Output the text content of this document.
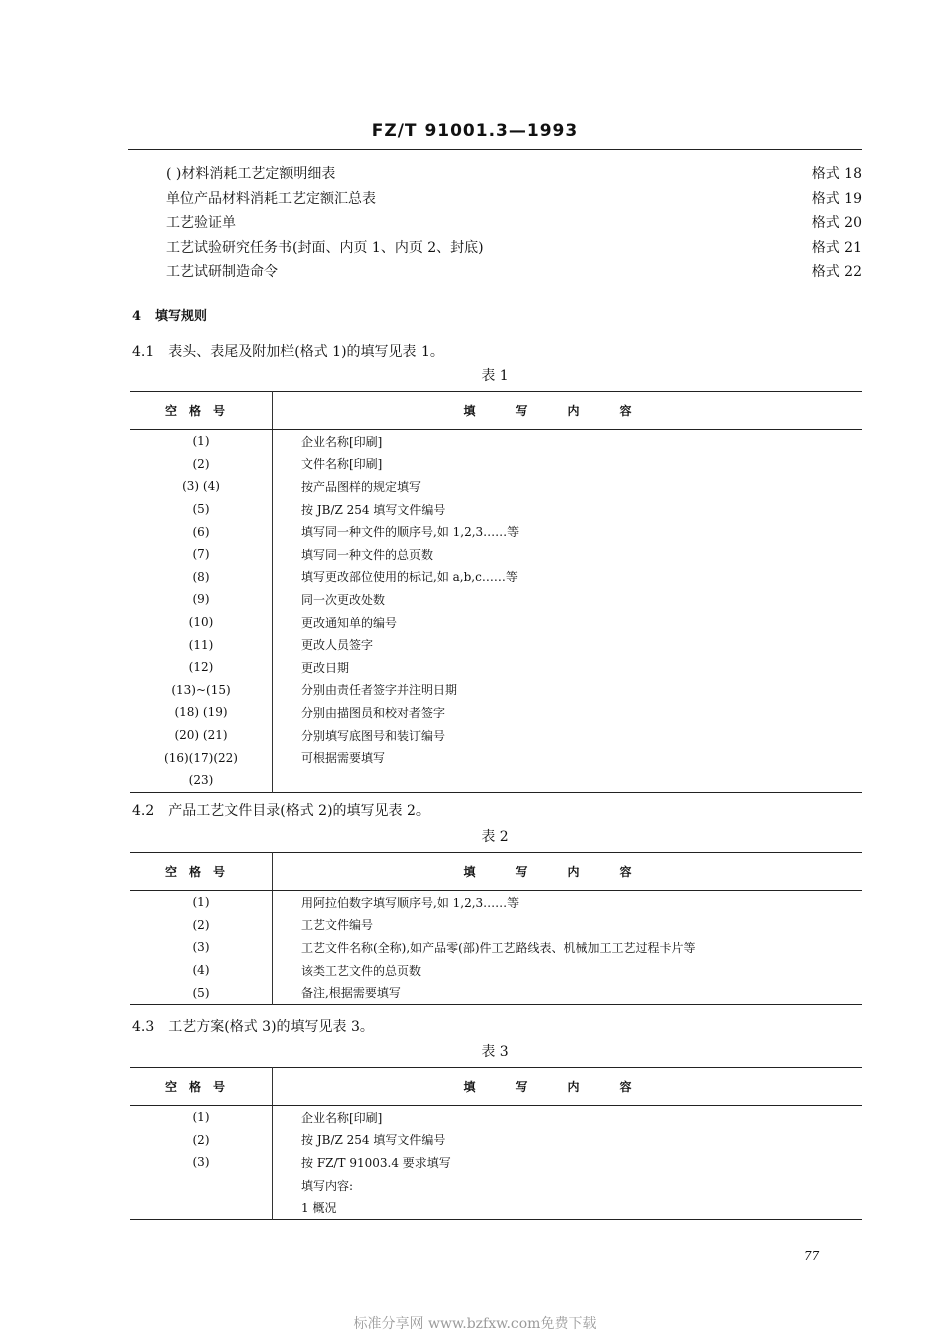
FZ/T 91001.3—1993
( )材料消耗工艺定额明细表	格式 18
单位产品材料消耗工艺定额汇总表	格式 19
工艺验证单	格式 20
工艺试验研究任务书(封面、内页 1、内页 2、封底)	格式 21
工艺试研制造命令	格式 22
4 填写规则
4.1 表头、表尾及附加栏(格式 1)的填写见表 1。
表 1
空格号	填写内容
(1)	企业名称[印刷]
(2)	文件名称[印刷]
(3) (4)	按产品图样的规定填写
(5)	按 JB/Z 254 填写文件编号
(6)	填写同一种文件的顺序号,如 1,2,3……等
(7)	填写同一种文件的总页数
(8)	填写更改部位使用的标记,如 a,b,c……等
(9)	同一次更改处数
(10)	更改通知单的编号
(11)	更改人员签字
(12)	更改日期
(13)~(15)	分别由责任者签字并注明日期
(18) (19)	分别由描图员和校对者签字
(20) (21)	分别填写底图号和装订编号
(16)(17)(22)	可根据需要填写
(23)	
4.2 产品工艺文件目录(格式 2)的填写见表 2。
表 2
空格号	填写内容
(1)	用阿拉伯数字填写顺序号,如 1,2,3……等
(2)	工艺文件编号
(3)	工艺文件名称(全称),如产品零(部)件工艺路线表、机械加工工艺过程卡片等
(4)	该类工艺文件的总页数
(5)	备注,根据需要填写
4.3 工艺方案(格式 3)的填写见表 3。
表 3
空格号	填写内容
(1)	企业名称[印刷]
(2)	按 JB/Z 254 填写文件编号
(3)	按 FZ/T 91003.4 要求填写
	填写内容:
	1 概况
77
标准分享网 www.bzfxw.com免费下载
